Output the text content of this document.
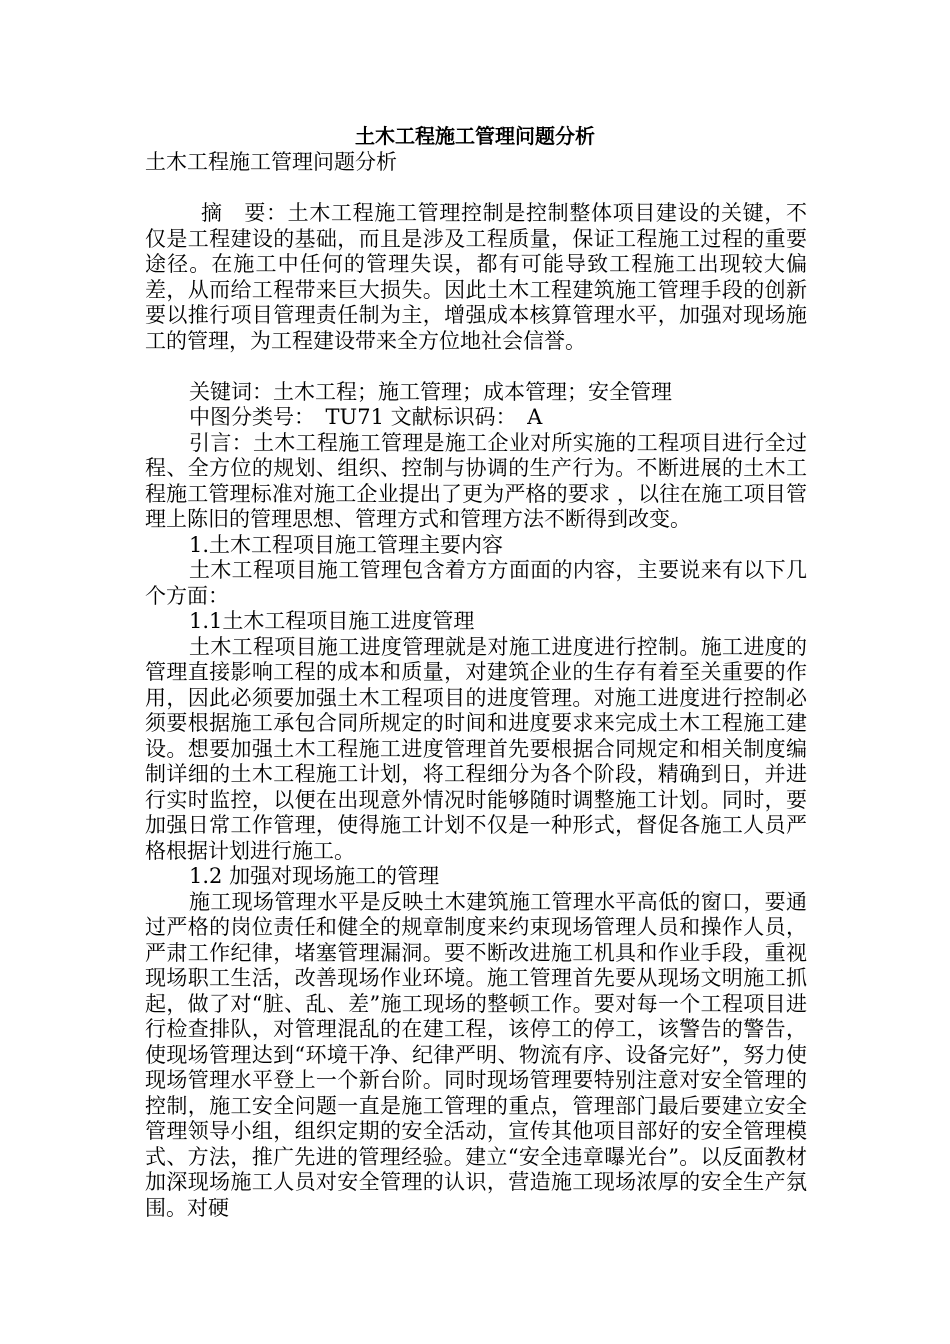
土木工程施工管理问题分析

土木工程施工管理问题分析

摘　要：土木工程施工管理控制是控制整体项目建设的关键，不仅是工程建设的基础，而且是涉及工程质量，保证工程施工过程的重要途径。在施工中任何的管理失误，都有可能导致工程施工出现较大偏差，从而给工程带来巨大损失。因此土木工程建筑施工管理手段的创新要以推行项目管理责任制为主，增强成本核算管理水平，加强对现场施工的管理，为工程建设带来全方位地社会信誉。

关键词：土木工程；施工管理；成本管理；安全管理

中图分类号：　TU71 文献标识码：　A

引言：土木工程施工管理是施工企业对所实施的工程项目进行全过程、全方位的规划、组织、控制与协调的生产行为。不断进展的土木工程施工管理标准对施工企业提出了更为严格的要求 ，以往在施工项目管理上陈旧的管理思想、管理方式和管理方法不断得到改变。

1.土木工程项目施工管理主要内容

土木工程项目施工管理包含着方方面面的内容，主要说来有以下几个方面：

1.1土木工程项目施工进度管理

土木工程项目施工进度管理就是对施工进度进行控制。施工进度的管理直接影响工程的成本和质量，对建筑企业的生存有着至关重要的作用，因此必须要加强土木工程项目的进度管理。对施工进度进行控制必须要根据施工承包合同所规定的时间和进度要求来完成土木工程施工建设。想要加强土木工程施工进度管理首先要根据合同规定和相关制度编制详细的土木工程施工计划，将工程细分为各个阶段，精确到日，并进行实时监控，以便在出现意外情况时能够随时调整施工计划。同时，要加强日常工作管理，使得施工计划不仅是一种形式，督促各施工人员严格根据计划进行施工。

1.2 加强对现场施工的管理

施工现场管理水平是反映土木建筑施工管理水平高低的窗口，要通过严格的岗位责任和健全的规章制度来约束现场管理人员和操作人员，严肃工作纪律，堵塞管理漏洞。要不断改进施工机具和作业手段，重视现场职工生活，改善现场作业环境。施工管理首先要从现场文明施工抓起，做了对“脏、乱、差”施工现场的整顿工作。要对每一个工程项目进行检查排队，对管理混乱的在建工程，该停工的停工，该警告的警告，使现场管理达到“环境干净、纪律严明、物流有序、设备完好”，努力使现场管理水平登上一个新台阶。同时现场管理要特别注意对安全管理的控制，施工安全问题一直是施工管理的重点，管理部门最后要建立安全管理领导小组，组织定期的安全活动，宣传其他项目部好的安全管理模式、方法，推广先进的管理经验。建立“安全违章曝光台”。以反面教材加深现场施工人员对安全管理的认识，营造施工现场浓厚的安全生产氛围。对硬
